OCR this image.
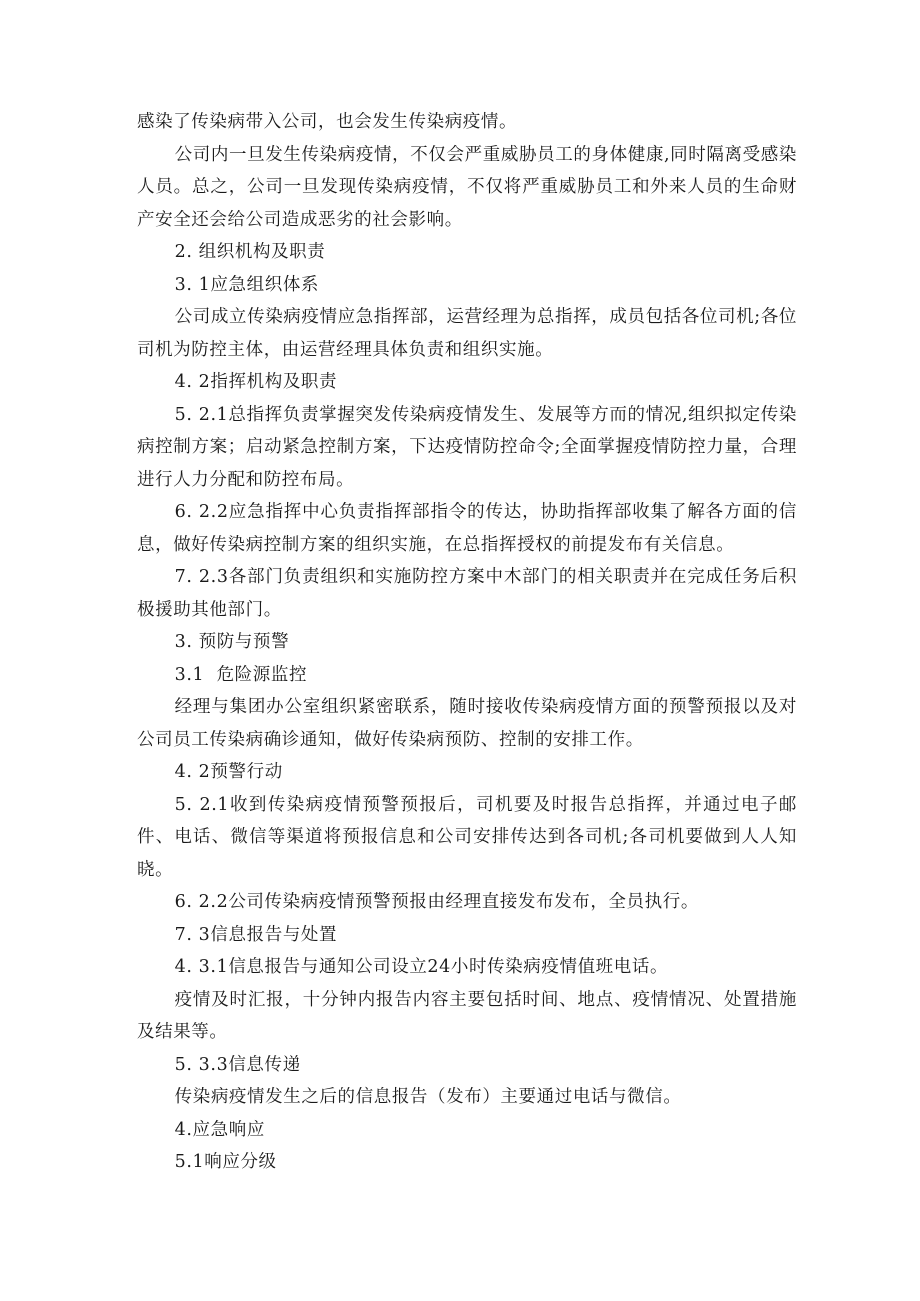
感染了传染病带入公司，也会发生传染病疫情。

公司内一旦发生传染病疫情，不仅会严重威胁员工的身体健康,同时隔离受感染人员。总之，公司一旦发现传染病疫情，不仅将严重威胁员工和外来人员的生命财产安全还会给公司造成恶劣的社会影响。

2. 组织机构及职责

3. 1应急组织体系

公司成立传染病疫情应急指挥部，运营经理为总指挥，成员包括各位司机;各位司机为防控主体，由运营经理具体负责和组织实施。

4. 2指挥机构及职责

5. 2.1总指挥负责掌握突发传染病疫情发生、发展等方而的情况,组织拟定传染病控制方案；启动紧急控制方案，下达疫情防控命令;全面掌握疫情防控力量，合理进行人力分配和防控布局。

6. 2.2应急指挥中心负责指挥部指令的传达，协助指挥部收集了解各方面的信息，做好传染病控制方案的组织实施，在总指挥授权的前提发布有关信息。

7. 2.3各部门负责组织和实施防控方案中木部门的相关职责并在完成任务后积极援助其他部门。

3. 预防与预警

3.1  危险源监控

经理与集团办公室组织紧密联系，随时接收传染病疫情方面的预警预报以及对公司员工传染病确诊通知，做好传染病预防、控制的安排工作。

4. 2预警行动

5. 2.1收到传染病疫情预警预报后，司机要及时报告总指挥，并通过电子邮件、电话、微信等渠道将预报信息和公司安排传达到各司机;各司机要做到人人知晓。

6. 2.2公司传染病疫情预警预报由经理直接发布发布，全员执行。

7. 3信息报告与处置

4. 3.1信息报告与通知公司设立24小时传染病疫情值班电话。

疫情及时汇报，十分钟内报告内容主要包括时间、地点、疫情情况、处置措施及结果等。

5. 3.3信息传递

传染病疫情发生之后的信息报告（发布）主要通过电话与微信。

4.应急响应

5.1响应分级
